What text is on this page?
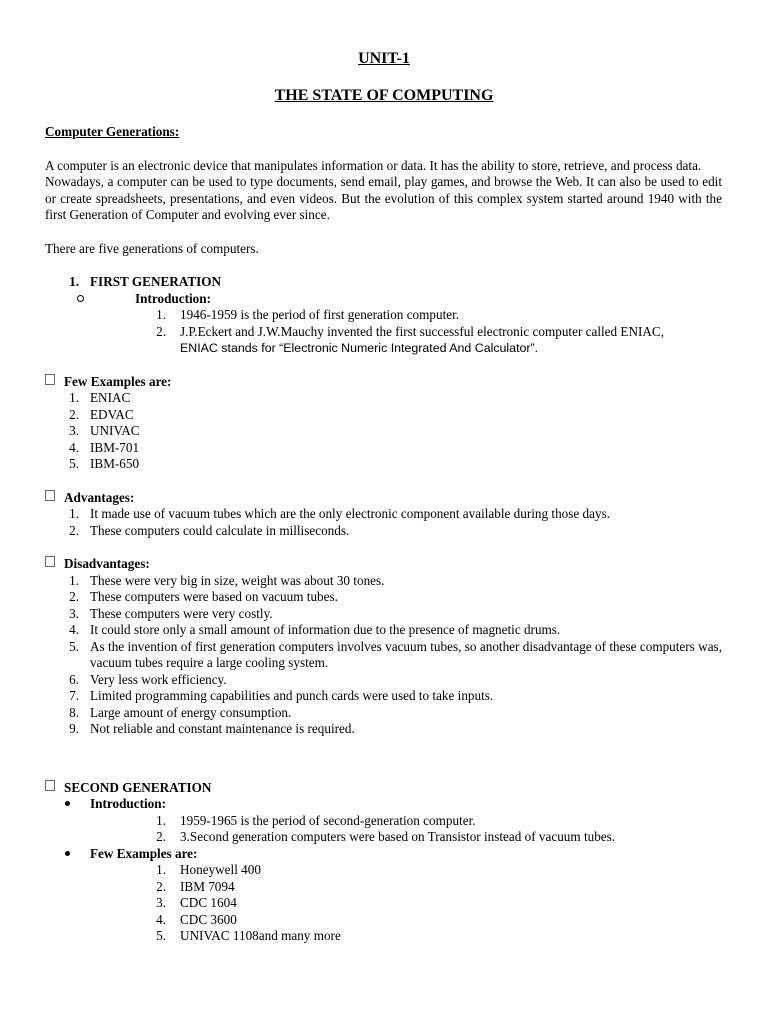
UNIT-1
THE STATE OF COMPUTING
Computer Generations:

A computer is an electronic device that manipulates information or data. It has the ability to store, retrieve, and process data.

Nowadays, a computer can be used to type documents, send email, play games, and browse the Web. It can also be used to edit or create spreadsheets, presentations, and even videos. But the evolution of this complex system started around 1940 with the first Generation of Computer and evolving ever since.

There are five generations of computers.

1. FIRST GENERATION
Introduction:
1. 1946-1959 is the period of first generation computer.
2. J.P.Eckert and J.W.Mauchy invented the first successful electronic computer called ENIAC,
ENIAC stands for “Electronic Numeric Integrated And Calculator”.
Few Examples are:
1. ENIAC
2. EDVAC
3. UNIVAC
4. IBM-701
5. IBM-650
Advantages:
1. It made use of vacuum tubes which are the only electronic component available during those days.
2. These computers could calculate in milliseconds.
Disadvantages:
1. These were very big in size, weight was about 30 tones.
2. These computers were based on vacuum tubes.
3. These computers were very costly.
4. It could store only a small amount of information due to the presence of magnetic drums.
5. As the invention of first generation computers involves vacuum tubes, so another disadvantage of these computers was, vacuum tubes require a large cooling system.
6. Very less work efficiency.
7. Limited programming capabilities and punch cards were used to take inputs.
8. Large amount of energy consumption.
9. Not reliable and constant maintenance is required.
SECOND GENERATION
Introduction:
1. 1959-1965 is the period of second-generation computer.
2. 3.Second generation computers were based on Transistor instead of vacuum tubes.
Few Examples are:
1. Honeywell 400
2. IBM 7094
3. CDC 1604
4. CDC 3600
5. UNIVAC 1108and many more
